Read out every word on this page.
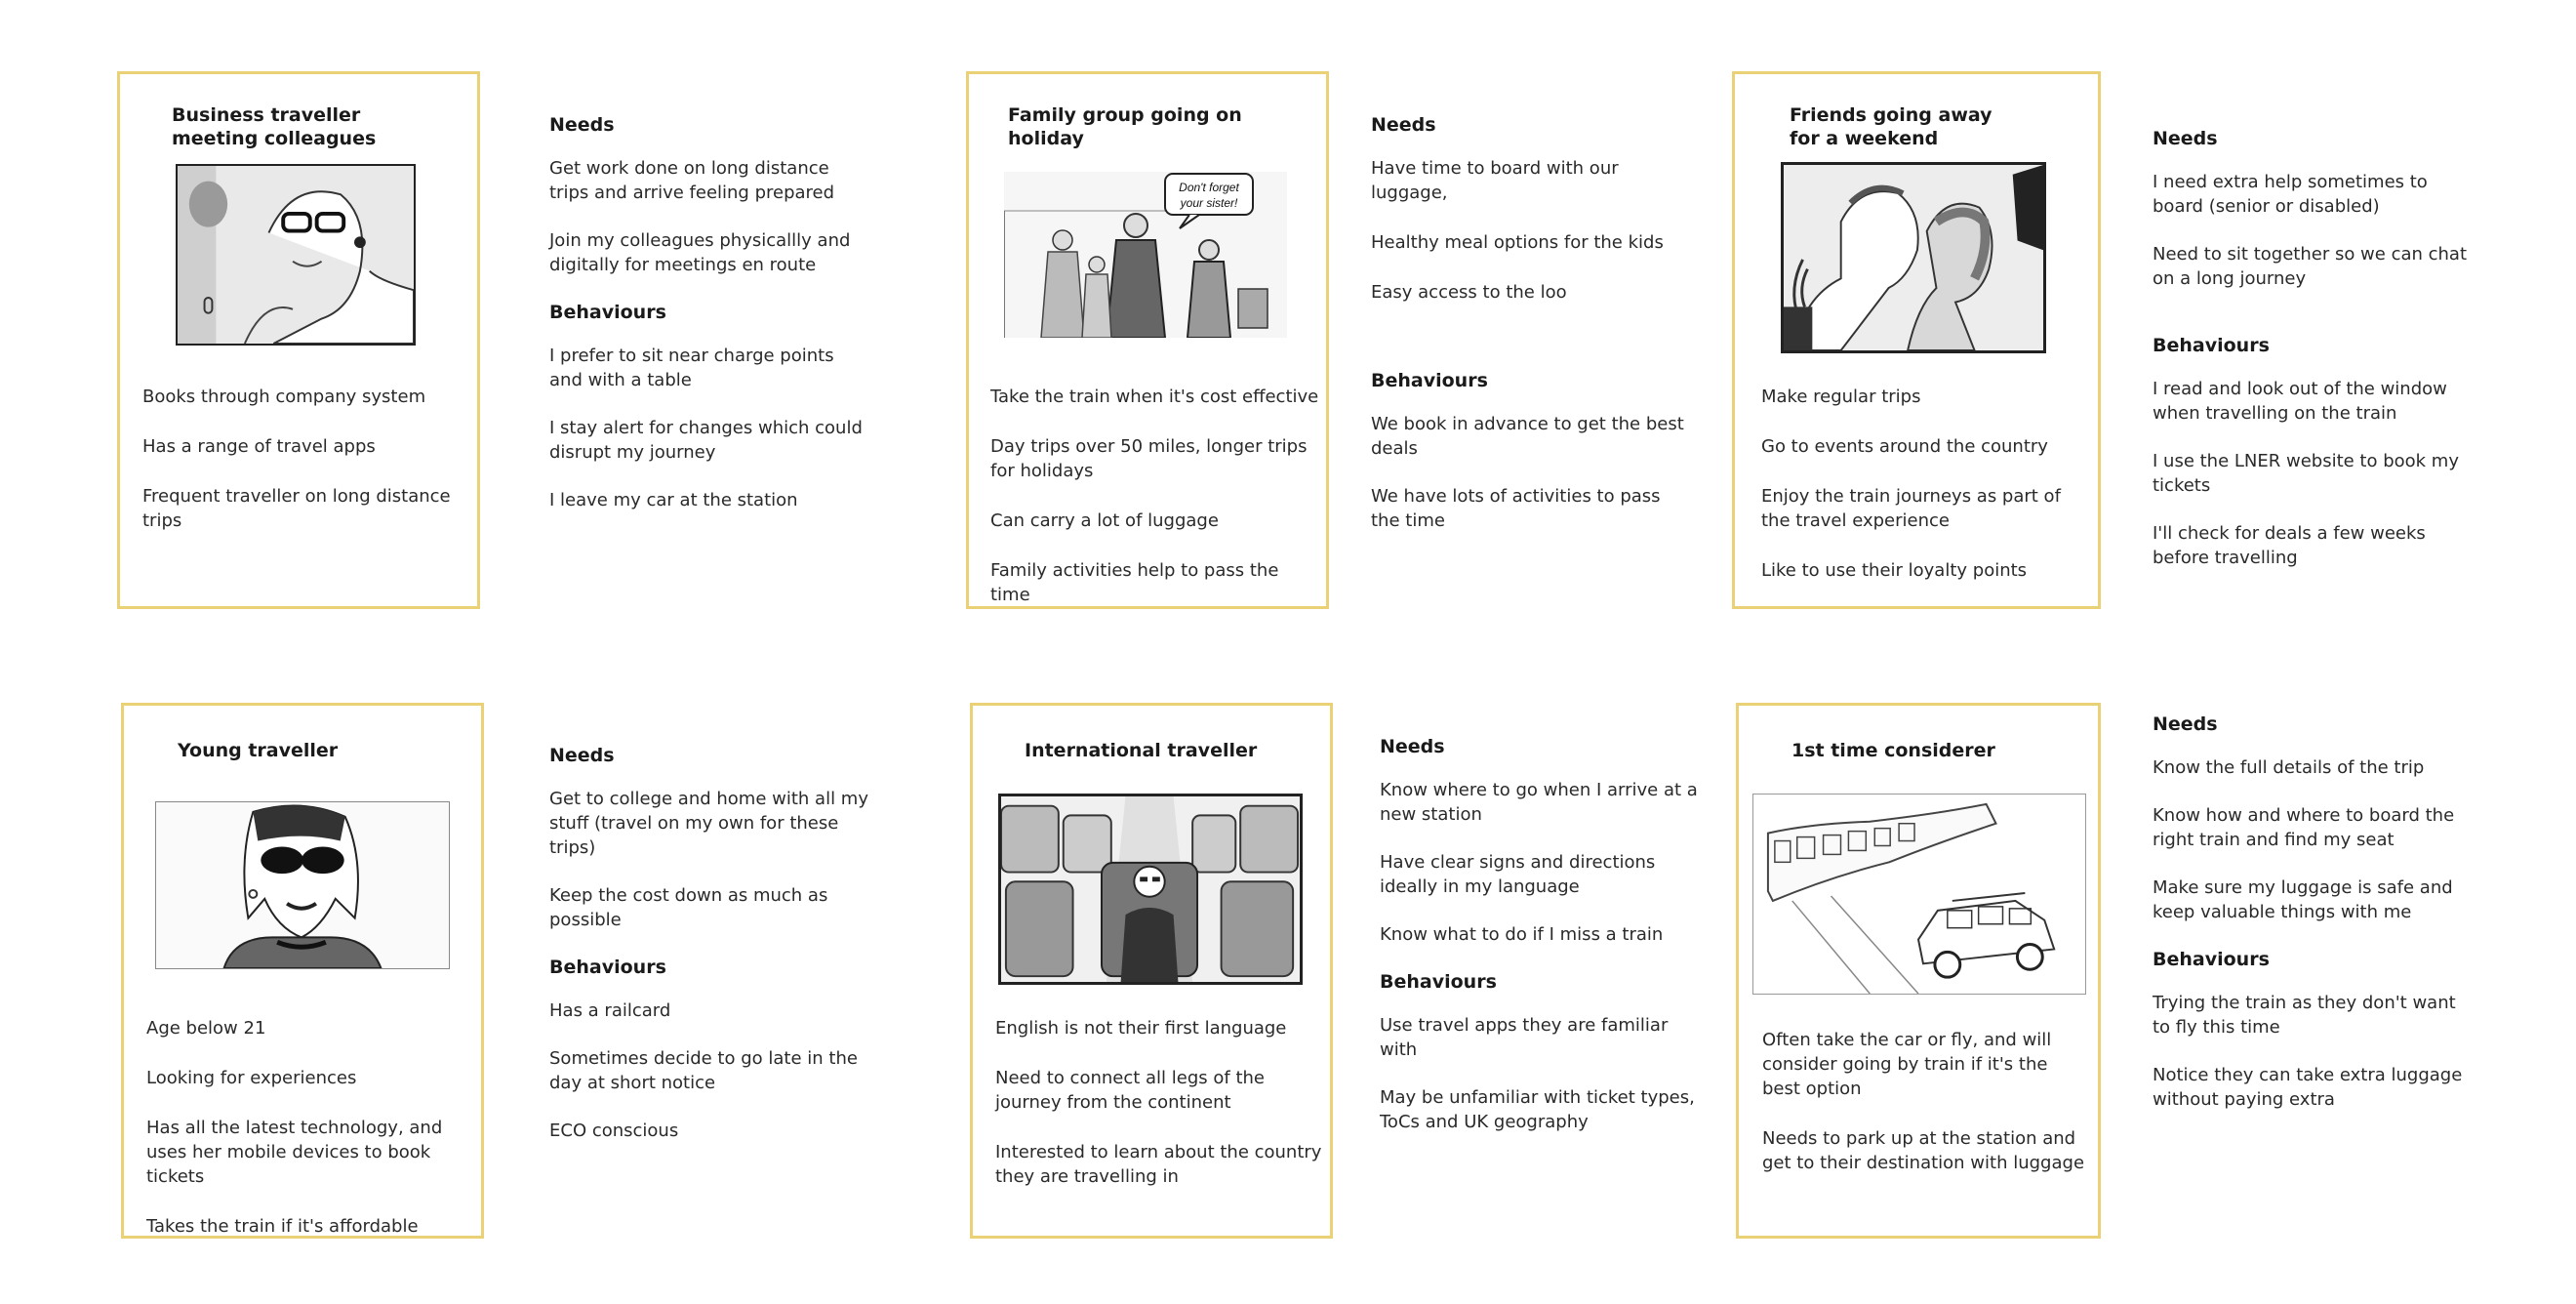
Business traveller meeting colleagues
Books through company system
Has a range of travel apps
Frequent traveller on long distance trips
Needs
Get work done on long distance trips and arrive feeling prepared
Join my colleagues physicallly and digitally for meetings en route
Behaviours
I prefer to sit near charge points and with a table
I stay alert for changes which could disrupt my journey
I leave my car at the station
Family group going on holiday
Don't forget
your sister!
Take the train when it's cost effective
Day trips over 50 miles, longer trips for holidays
Can carry a lot of luggage
Family activities help to pass the time
Needs
Have time to board with our luggage,
Healthy meal options for the kids
Easy access to the loo
Behaviours
We book in advance to get the best deals
We have lots of activities to pass the time
Friends going away for a weekend
Make regular trips
Go to events around the country
Enjoy the train journeys as part of the travel experience
Like to use their loyalty points
Needs
I need extra help sometimes to board (senior or disabled)
Need to sit together so we can chat on a long journey
Behaviours
I read and look out of the window when travelling on the train
I use the LNER website to book my tickets
I'll check for deals a few weeks before travelling
Young traveller
Age below 21
Looking for experiences
Has all the latest technology, and uses her mobile devices to book tickets
Takes the train if it's affordable
Needs
Get to college and home with all my stuff (travel on my own for these trips)
Keep the cost down as much as possible
Behaviours
Has a railcard
Sometimes decide to go late in the day at short notice
ECO conscious
International traveller
English is not their first language
Need to connect all legs of the journey from the continent
Interested to learn about the country they are travelling in
Needs
Know where to go when I arrive at a new station
Have clear signs and directions ideally in my language
Know what to do if I miss a train
Behaviours
Use travel apps they are familiar with
May be unfamiliar with ticket types, ToCs and UK geography
1st time considerer
Often take the car or fly, and will consider going by train if it's the best option
Needs to park up at the station and get to their destination with luggage
Needs
Know the full details of the trip
Know how and where to board the right train and find my seat
Make sure my luggage is safe and keep valuable things with me
Behaviours
Trying the train as they don't want to fly this time
Notice they can take extra luggage without paying extra
